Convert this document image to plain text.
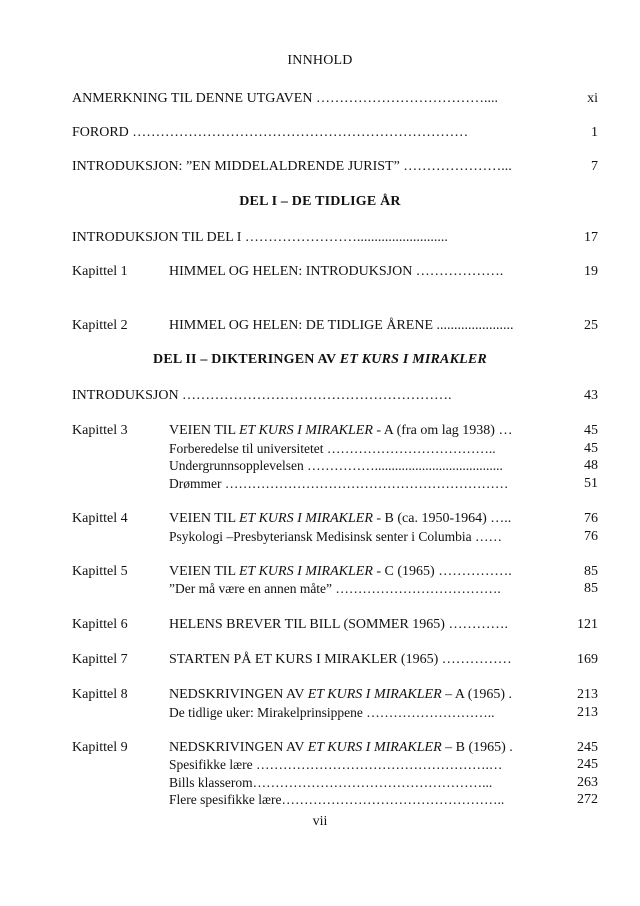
INNHOLD
ANMERKNING TIL DENNE UTGAVEN ………………………………....	xi
FORORD ………………………………………………………………	1
INTRODUKSJON: ”EN MIDDELALDRENDE JURIST” …………………...	7
DEL I – DE TIDLIGE ÅR
INTRODUKSJON TIL DEL I ……………………..........................	17
Kapittel 1	HIMMEL OG HELEN: INTRODUKSJON ……………….	19
Kapittel 2	HIMMEL OG HELEN: DE TIDLIGE ÅRENE ......................	25
DEL II – DIKTERINGEN AV ET KURS I MIRAKLER
INTRODUKSJON ………………………………………………….	43
Kapittel 3	VEIEN TIL ET KURS I MIRAKLER - A (fra om lag 1938) …	45
Forberedelse til universitetet ………………………………..	45
Undergrunnsopplevelsen ……………......................................	48
Drømmer ………………………………………………………	51
Kapittel 4	VEIEN TIL ET KURS I MIRAKLER - B (ca. 1950-1964) …..	76
Psykologi –Presbyteriansk Medisinsk senter i Columbia ……	76
Kapittel 5	VEIEN TIL ET KURS I MIRAKLER - C (1965) …………….	85
”Der må være en annen måte” ……………………………….	85
Kapittel 6	HELENS BREVER TIL BILL (SOMMER 1965) ………….	121
Kapittel 7	STARTEN PÅ ET KURS I MIRAKLER (1965) ……………	169
Kapittel 8	NEDSKRIVINGEN AV ET KURS I MIRAKLER – A (1965) .	213
De tidlige uker: Mirakelprinsippene ………………………..	213
Kapittel 9	NEDSKRIVINGEN AV ET KURS I MIRAKLER – B (1965) .	245
Spesifikke lære …………………………………………….…	245
Bills klasserom……………………………………………...	263
Flere spesifikke lære…………………………………………..	272
vii
